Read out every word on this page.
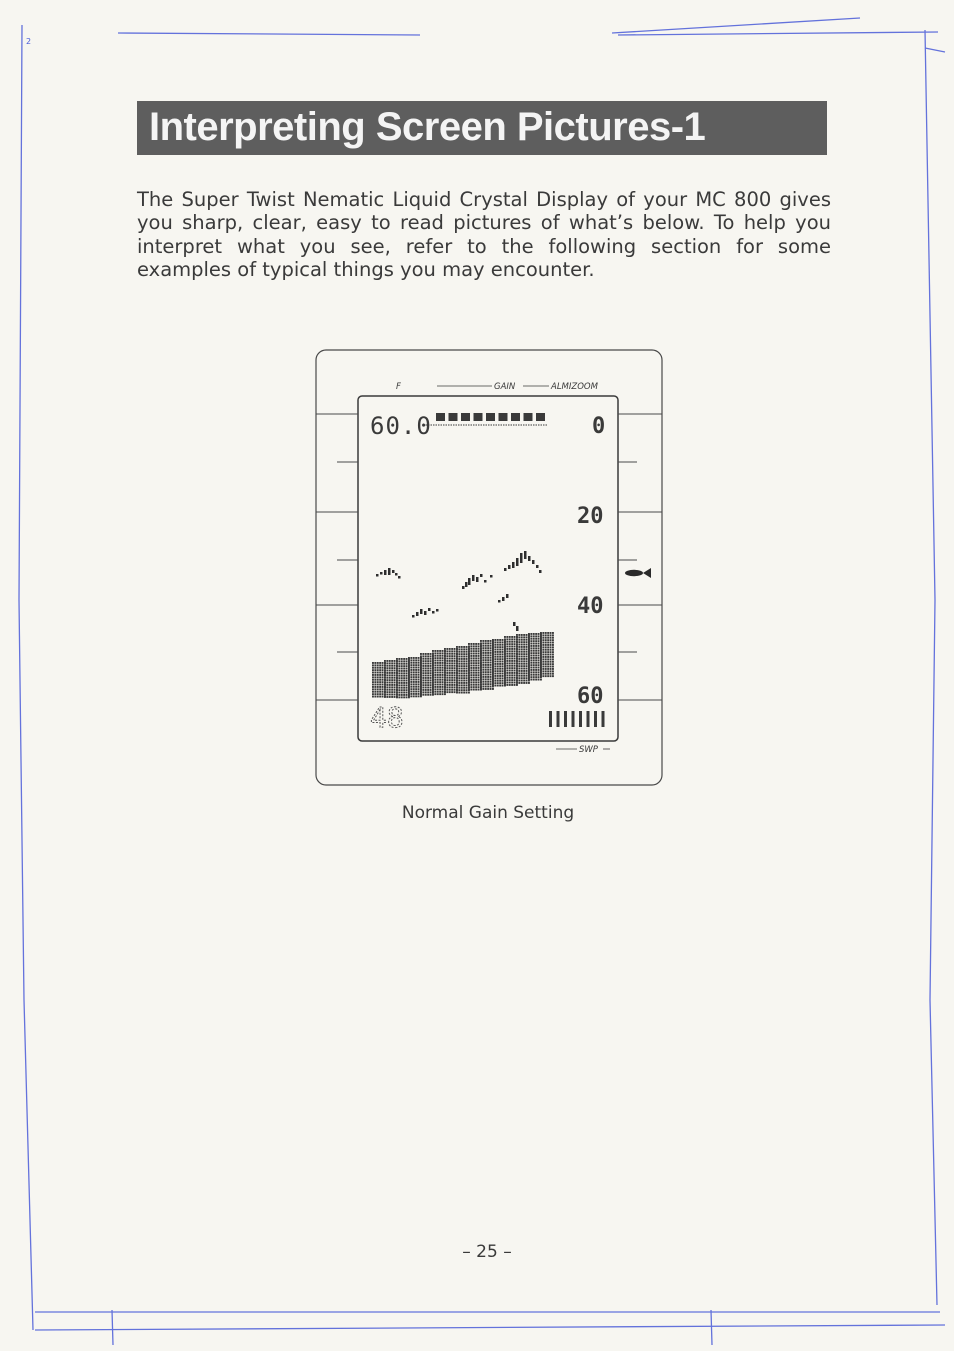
2
Interpreting Screen Pictures-1
The Super Twist Nematic Liquid Crystal Display of your MC 800 gives you sharp, clear, easy to read pictures of what’s below. To help you interpret what you see, refer to the following section for some examples of typical things you may encounter.
F	GAIN	ALMIZOOM
60.0	0
20
40
60
48
SWP
Normal Gain Setting
– 25 –
